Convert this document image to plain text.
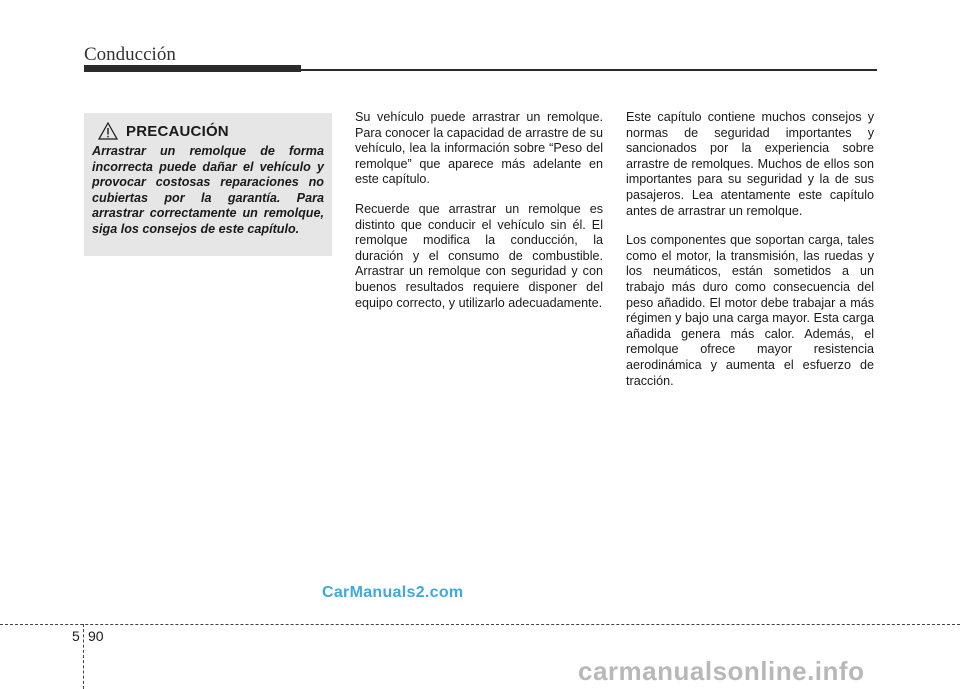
Conducción
PRECAUCIÓN

Arrastrar un remolque de forma incorrecta puede dañar el vehículo y provocar costosas reparaciones no cubiertas por la garantía. Para arrastrar correctamente un remolque, siga los consejos de este capítulo.

Su vehículo puede arrastrar un remolque. Para conocer la capacidad de arrastre de su vehículo, lea la información sobre “Peso del remolque” que aparece más adelante en este capítulo.

Recuerde que arrastrar un remolque es distinto que conducir el vehículo sin él. El remolque modifica la conducción, la duración y el consumo de combustible. Arrastrar un remolque con seguridad y con buenos resultados requiere disponer del equipo correcto, y utilizarlo adecuadamente.

Este capítulo contiene muchos consejos y normas de seguridad importantes y sancionados por la experiencia sobre arrastre de remolques. Muchos de ellos son importantes para su seguridad y la de sus pasajeros. Lea atentamente este capítulo antes de arrastrar un remolque.

Los componentes que soportan carga, tales como el motor, la transmisión, las ruedas y los neumáticos, están sometidos a un trabajo más duro como consecuencia del peso añadido. El motor debe trabajar a más régimen y bajo una carga mayor. Esta carga añadida genera más calor. Además, el remolque ofrece mayor resistencia aerodinámica y aumenta el esfuerzo de tracción.

CarManuals2.com
5 90
carmanualsonline.info
